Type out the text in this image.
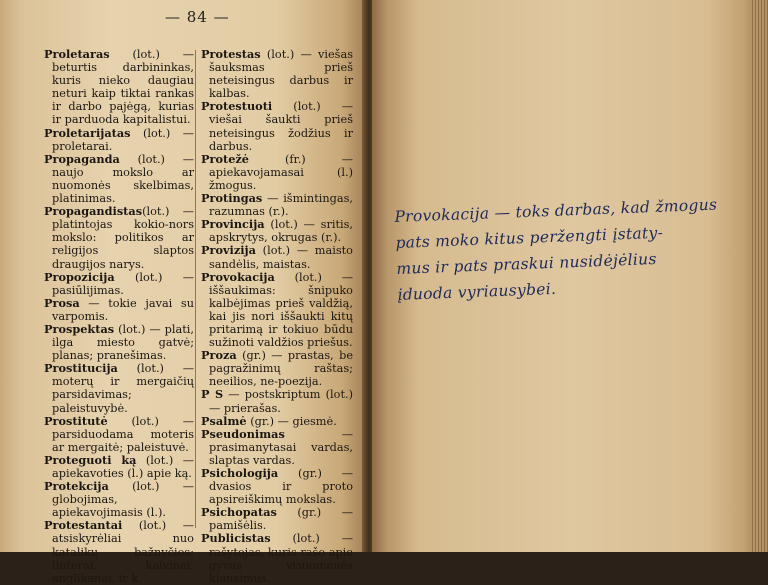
— 84 —
Proletaras (lot.) — beturtis darbininkas, kuris nieko daugiau neturi kaip tiktai rankas ir darbo pajėgą, kurias ir parduoda kapitalistui.
Proletarijatas (lot.) — proletarai.
Propaganda (lot.) — naujo mokslo ar nuomonės skelbimas, platinimas.
Propagandistas(lot.) — platintojas kokio-nors mokslo: politikos ar religijos slaptos draugijos narys.
Propozicija (lot.) — pasiūlijimas.
Prosa — tokie javai su varpomis.
Prospektas (lot.) — plati, ilga miesto gatvė; planas; pranešimas.
Prostitucija (lot.) — moterų ir mergaičių parsidavimas; paleistuvybė.
Prostitutė (lot.) — parsiduodama moteris ar mergaitė; paleistuvė.
Proteguoti ką (lot.) — apiekavoties (l.) apie ką.
Protekcija (lot.) — globojimas, apiekavojimasis (l.).
Protestantai (lot.) — atsiskyrėliai nuo katalikų bažnyčios: liuterai, kalvinai, anglikanai, ir k.
Protestas (lot.) — viešas šauksmas prieš neteisingus darbus ir kalbas.
Protestuoti (lot.) — viešai šaukti prieš neteisingus žodžius ir darbus.
Protežė (fr.) — apiekavojamasai (l.) žmogus.
Protingas — išmintingas, razumnas (r.).
Provincija (lot.) — sritis, apskrytys, okrugas (r.).
Provizija (lot.) — maisto sandėlis, maistas.
Provokacija (lot.) — iššaukimas: šnipuko kalbėjimas prieš valdžią, kai jis nori iššaukti kitų pritarimą ir tokiuo būdu sužinoti valdžios priešus.
Proza (gr.) — prastas, be pagražinimų raštas; neeilios, ne-poezija.
P S — postskriptum (lot.) — prierašas.
Psalmė (gr.) — giesmė.
Pseudonimas — prasimanytasai vardas, slaptas vardas.
Psichologija (gr.) — dvasios ir proto apsireiškimų mokslas.
Psichopatas (gr.) — pamišėlis.
Publicistas (lot.) — rašytojas, kuris rašo apie gyvus visuomenės klausimus.
Provokacija — toks darbas, kad žmogus
pats moko kitus peržengti įstaty-
mus ir pats praskui nusidėjėlius
įduoda vyriausybei.
